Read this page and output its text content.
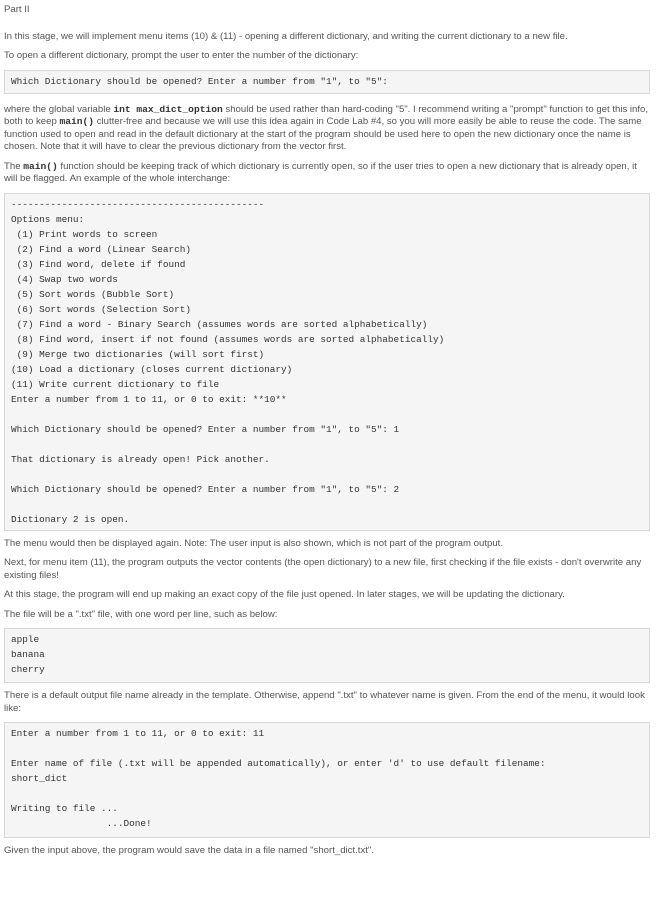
Part II

In this stage, we will implement menu items (10) & (11) - opening a different dictionary, and writing the current dictionary to a new file.

To open a different dictionary, prompt the user to enter the number of the dictionary:

Which Dictionary should be opened? Enter a number from "1", to "5":

where the global variable int max_dict_option should be used rather than hard-coding "5". I recommend writing a "prompt" function to get this info, both to keep main() clutter-free and because we will use this idea again in Code Lab #4, so you will more easily be able to reuse the code. The same function used to open and read in the default dictionary at the start of the program should be used here to open the new dictionary once the name is chosen. Note that it will have to clear the previous dictionary from the vector first.

The main() function should be keeping track of which dictionary is currently open, so if the user tries to open a new dictionary that is already open, it will be flagged. An example of the whole interchange:

---------------------------------------------
Options menu:
(1) Print words to screen
(2) Find a word (Linear Search)
(3) Find word, delete if found
(4) Swap two words
(5) Sort words (Bubble Sort)
(6) Sort words (Selection Sort)
(7) Find a word - Binary Search (assumes words are sorted alphabetically)
(8) Find word, insert if not found (assumes words are sorted alphabetically)
(9) Merge two dictionaries (will sort first)
(10) Load a dictionary (closes current dictionary)
(11) Write current dictionary to file
Enter a number from 1 to 11, or 0 to exit: **10**

Which Dictionary should be opened? Enter a number from "1", to "5": 1

That dictionary is already open! Pick another.

Which Dictionary should be opened? Enter a number from "1", to "5": 2

Dictionary 2 is open.

The menu would then be displayed again. Note: The user input is also shown, which is not part of the program output.

Next, for menu item (11), the program outputs the vector contents (the open dictionary) to a new file, first checking if the file exists - don't overwrite any existing files!

At this stage, the program will end up making an exact copy of the file just opened. In later stages, we will be updating the dictionary.

The file will be a ".txt" file, with one word per line, such as below:

apple
banana
cherry

There is a default output file name already in the template. Otherwise, append ".txt" to whatever name is given. From the end of the menu, it would look like:

Enter a number from 1 to 11, or 0 to exit: 11

Enter name of file (.txt will be appended automatically), or enter 'd' to use default filename:
short_dict

Writing to file ...
...Done!

Given the input above, the program would save the data in a file named "short_dict.txt".
